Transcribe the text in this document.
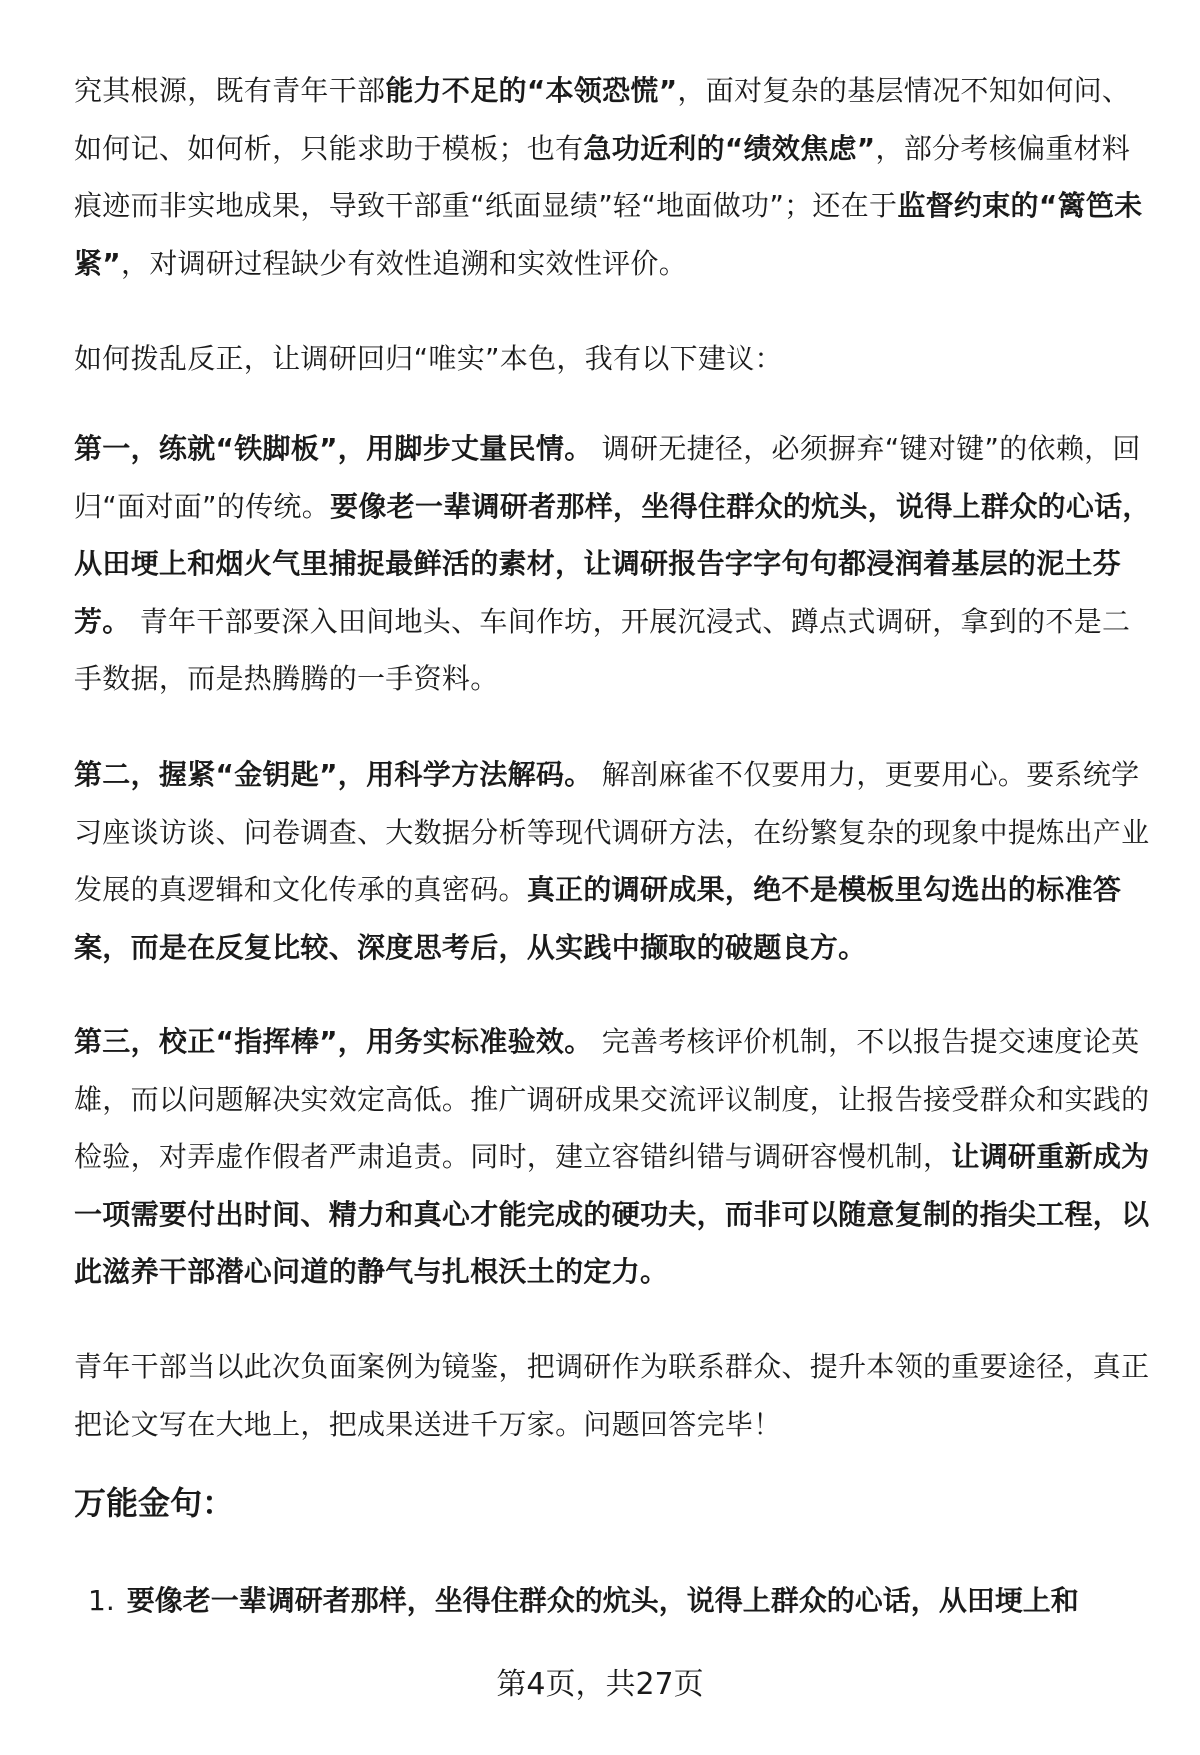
究其根源，既有青年干部能力不足的“本领恐慌”，面对复杂的基层情况不知如何问、如何记、如何析，只能求助于模板；也有急功近利的“绩效焦虑”，部分考核偏重材料痕迹而非实地成果，导致干部重“纸面显绩”轻“地面做功”；还在于监督约束的“篱笆未紧”，对调研过程缺少有效性追溯和实效性评价。

如何拨乱反正，让调研回归“唯实”本色，我有以下建议：

第一，练就“铁脚板”，用脚步丈量民情。 调研无捷径，必须摒弃“键对键”的依赖，回归“面对面”的传统。要像老一辈调研者那样，坐得住群众的炕头，说得上群众的心话，从田埂上和烟火气里捕捉最鲜活的素材，让调研报告字字句句都浸润着基层的泥土芬芳。 青年干部要深入田间地头、车间作坊，开展沉浸式、蹲点式调研，拿到的不是二手数据，而是热腾腾的一手资料。

第二，握紧“金钥匙”，用科学方法解码。 解剖麻雀不仅要用力，更要用心。要系统学习座谈访谈、问卷调查、大数据分析等现代调研方法，在纷繁复杂的现象中提炼出产业发展的真逻辑和文化传承的真密码。真正的调研成果，绝不是模板里勾选出的标准答案，而是在反复比较、深度思考后，从实践中撷取的破题良方。

第三，校正“指挥棒”，用务实标准验效。 完善考核评价机制，不以报告提交速度论英雄，而以问题解决实效定高低。推广调研成果交流评议制度，让报告接受群众和实践的检验，对弄虚作假者严肃追责。同时，建立容错纠错与调研容慢机制，让调研重新成为一项需要付出时间、精力和真心才能完成的硬功夫，而非可以随意复制的指尖工程，以此滋养干部潜心问道的静气与扎根沃土的定力。

青年干部当以此次负面案例为镜鉴，把调研作为联系群众、提升本领的重要途径，真正把论文写在大地上，把成果送进千万家。问题回答完毕！

万能金句：
1. 要像老一辈调研者那样，坐得住群众的炕头，说得上群众的心话，从田埂上和
第4页，共27页
